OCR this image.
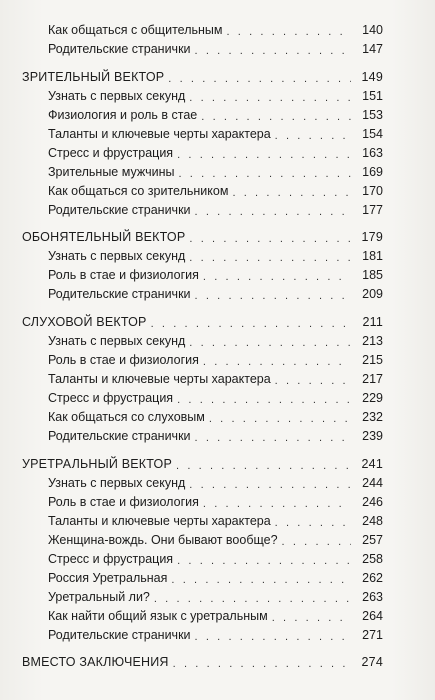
Как общаться с общительным . . .	140
Родительские странички . . .	147
ЗРИТЕЛЬНЫЙ ВЕКТОР . . .	149
Узнать с первых секунд . . .	151
Физиология и роль в стае . . .	153
Таланты и ключевые черты характера . . .	154
Стресс и фрустрация . . .	163
Зрительные мужчины . . .	169
Как общаться со зрительником . . .	170
Родительские странички . . .	177
ОБОНЯТЕЛЬНЫЙ ВЕКТОР . . .	179
Узнать с первых секунд . . .	181
Роль в стае и физиология . . .	185
Родительские странички . . .	209
СЛУХОВОЙ ВЕКТОР . . .	211
Узнать с первых секунд . . .	213
Роль в стае и физиология . . .	215
Таланты и ключевые черты характера . . .	217
Стресс и фрустрация . . .	229
Как общаться со слуховым . . .	232
Родительские странички . . .	239
УРЕТРАЛЬНЫЙ ВЕКТОР . . .	241
Узнать с первых секунд . . .	244
Роль в стае и физиология . . .	246
Таланты и ключевые черты характера . . .	248
Женщина-вождь. Они бывают вообще? . . .	257
Стресс и фрустрация . . .	258
Россия Уретральная . . .	262
Уретральный ли? . . .	263
Как найти общий язык с уретральным . . .	264
Родительские странички . . .	271
ВМЕСТО ЗАКЛЮЧЕНИЯ . . .	274
